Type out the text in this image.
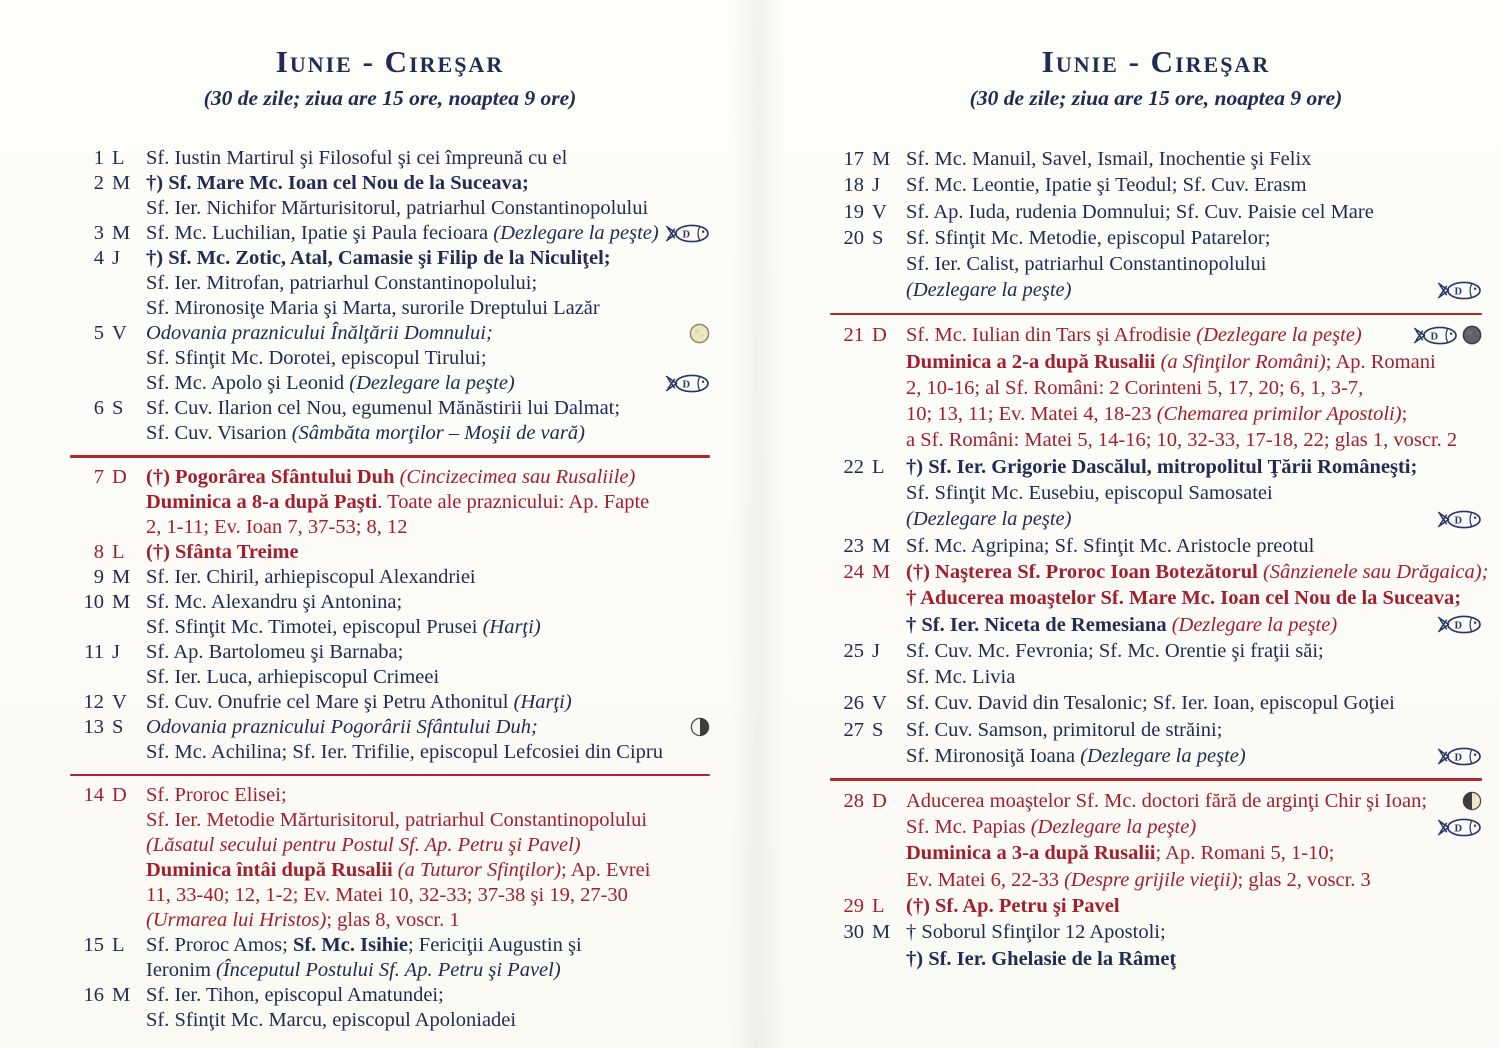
Iunie - Cireşar
(30 de zile; ziua are 15 ore, noaptea 9 ore)
1 L Sf. Iustin Martirul şi Filosoful şi cei împreună cu el
2 M †) Sf. Mare Mc. Ioan cel Nou de la Suceava;
Sf. Ier. Nichifor Mărturisitorul, patriarhul Constantinopolului
3 M Sf. Mc. Luchilian, Ipatie şi Paula fecioara (Dezlegare la peşte) D
4 J †) Sf. Mc. Zotic, Atal, Camasie şi Filip de la Niculiţel;
Sf. Ier. Mitrofan, patriarhul Constantinopolului;
Sf. Mironosiţe Maria şi Marta, surorile Dreptului Lazăr
5 V Odovania praznicului Înălţării Domnului;
Sf. Sfinţit Mc. Dorotei, episcopul Tirului;
Sf. Mc. Apolo şi Leonid (Dezlegare la peşte)	D
6 S Sf. Cuv. Ilarion cel Nou, egumenul Mănăstirii lui Dalmat;
Sf. Cuv. Visarion (Sâmbăta morţilor – Moşii de vară)
7 D (†) Pogorârea Sfântului Duh (Cincizecimea sau Rusaliile)
Duminica a 8-a după Paşti. Toate ale praznicului: Ap. Fapte
2, 1-11; Ev. Ioan 7, 37-53; 8, 12
8 L (†) Sfânta Treime
9 M Sf. Ier. Chiril, arhiepiscopul Alexandriei
10 M Sf. Mc. Alexandru şi Antonina;
Sf. Sfinţit Mc. Timotei, episcopul Prusei (Harţi)
11 J Sf. Ap. Bartolomeu şi Barnaba;
Sf. Ier. Luca, arhiepiscopul Crimeei
12 V Sf. Cuv. Onufrie cel Mare şi Petru Athonitul (Harţi)
13 S Odovania praznicului Pogorârii Sfântului Duh;
Sf. Mc. Achilina; Sf. Ier. Trifilie, episcopul Lefcosiei din Cipru
14 D Sf. Proroc Elisei;
Sf. Ier. Metodie Mărturisitorul, patriarhul Constantinopolului
(Lăsatul secului pentru Postul Sf. Ap. Petru şi Pavel)
Duminica întâi după Rusalii (a Tuturor Sfinţilor); Ap. Evrei
11, 33-40; 12, 1-2; Ev. Matei 10, 32-33; 37-38 şi 19, 27-30
(Urmarea lui Hristos); glas 8, voscr. 1
15 L Sf. Proroc Amos; Sf. Mc. Isihie; Fericiţii Augustin şi
Ieronim (Începutul Postului Sf. Ap. Petru şi Pavel)
16 M Sf. Ier. Tihon, episcopul Amatundei;
Sf. Sfinţit Mc. Marcu, episcopul Apoloniadei
Iunie - Cireşar
(30 de zile; ziua are 15 ore, noaptea 9 ore)
17 M Sf. Mc. Manuil, Savel, Ismail, Inochentie şi Felix
18 J Sf. Mc. Leontie, Ipatie şi Teodul; Sf. Cuv. Erasm
19 V Sf. Ap. Iuda, rudenia Domnului; Sf. Cuv. Paisie cel Mare
20 S Sf. Sfinţit Mc. Metodie, episcopul Patarelor;
Sf. Ier. Calist, patriarhul Constantinopolului
(Dezlegare la peşte)	D
21 D Sf. Mc. Iulian din Tars şi Afrodisie (Dezlegare la peşte)	D
Duminica a 2-a după Rusalii (a Sfinţilor Români); Ap. Romani
2, 10-16; al Sf. Români: 2 Corinteni 5, 17, 20; 6, 1, 3-7,
10; 13, 11; Ev. Matei 4, 18-23 (Chemarea primilor Apostoli);
a Sf. Români: Matei 5, 14-16; 10, 32-33, 17-18, 22; glas 1, voscr. 2
22 L †) Sf. Ier. Grigorie Dascălul, mitropolitul Ţării Româneşti;
Sf. Sfinţit Mc. Eusebiu, episcopul Samosatei
(Dezlegare la peşte)	D
23 M Sf. Mc. Agripina; Sf. Sfinţit Mc. Aristocle preotul
24 M (†) Naşterea Sf. Proroc Ioan Botezătorul (Sânzienele sau Drăgaica);
† Aducerea moaştelor Sf. Mare Mc. Ioan cel Nou de la Suceava;
† Sf. Ier. Niceta de Remesiana (Dezlegare la peşte)	D
25 J Sf. Cuv. Mc. Fevronia; Sf. Mc. Orentie şi fraţii săi;
Sf. Mc. Livia
26 V Sf. Cuv. David din Tesalonic; Sf. Ier. Ioan, episcopul Goţiei
27 S Sf. Cuv. Samson, primitorul de străini;
Sf. Mironosiţă Ioana (Dezlegare la peşte)	D
28 D Aducerea moaştelor Sf. Mc. doctori fără de arginţi Chir şi Ioan;
Sf. Mc. Papias (Dezlegare la peşte)	D
Duminica a 3-a după Rusalii; Ap. Romani 5, 1-10;
Ev. Matei 6, 22-33 (Despre grijile vieţii); glas 2, voscr. 3
29 L (†) Sf. Ap. Petru şi Pavel
30 M † Soborul Sfinţilor 12 Apostoli;
†) Sf. Ier. Ghelasie de la Râmeţ
